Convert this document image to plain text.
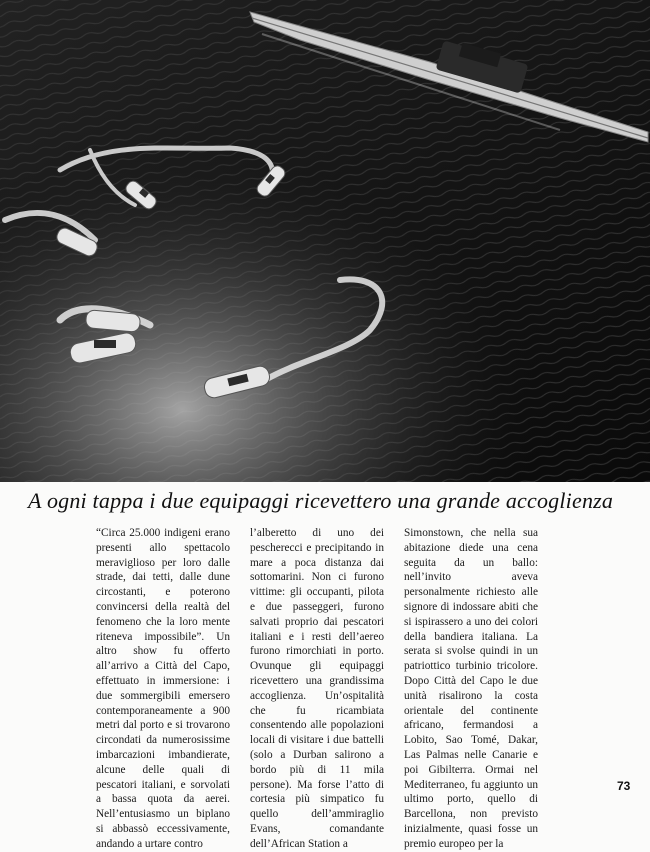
A ogni tappa i due equipaggi ricevettero una grande accoglienza

“Circa 25.000 indigeni erano presenti allo spettacolo meraviglioso per loro dalle strade, dai tetti, dalle dune circostanti, e poterono convincersi della realtà del fenomeno che la loro mente riteneva impossibile”. Un altro show fu offerto all’arrivo a Città del Capo, effettuato in immersione: i due sommergibili emersero contemporaneamente a 900 metri dal porto e si trovarono circondati da numerosissime imbarcazioni imbandierate, alcune delle quali di pescatori italiani, e sorvolati a bassa quota da aerei. Nell’entusiasmo un biplano si abbassò eccessivamente, andando a urtare contro

l’alberetto di uno dei pescherecci e precipitando in mare a poca distanza dai sottomarini. Non ci furono vittime: gli occupanti, pilota e due passeggeri, furono salvati proprio dai pescatori italiani e i resti dell’aereo furono rimorchiati in porto. Ovunque gli equipaggi ricevettero una grandissima accoglienza. Un’ospitalità che fu ricambiata consentendo alle popolazioni locali di visitare i due battelli (solo a Durban salirono a bordo più di 11 mila persone). Ma forse l’atto di cortesia più simpatico fu quello dell’ammiraglio Evans, comandante dell’African Station a

Simonstown, che nella sua abitazione diede una cena seguita da un ballo: nell’invito aveva personalmente richiesto alle signore di indossare abiti che si ispirassero a uno dei colori della bandiera italiana. La serata si svolse quindi in un patriottico turbinio tricolore. Dopo Città del Capo le due unità risalirono la costa orientale del continente africano, fermandosi a Lobito, Sao Tomé, Dakar, Las Palmas nelle Canarie e poi Gibilterra. Ormai nel Mediterraneo, fu aggiunto un ultimo porto, quello di Barcellona, non previsto inizialmente, quasi fosse un premio europeo per la

73
